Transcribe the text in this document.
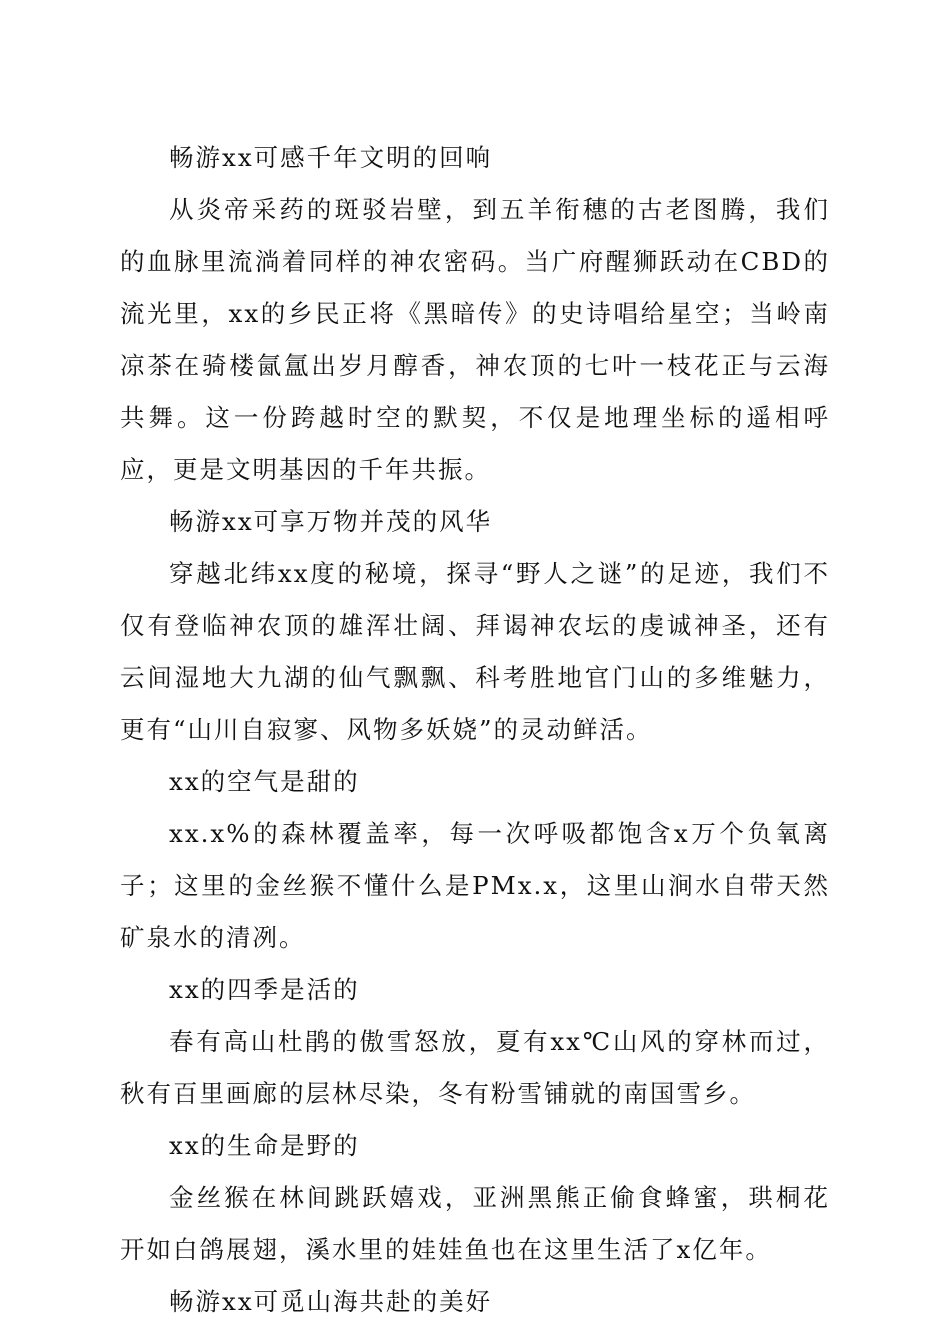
畅游xx可感千年文明的回响

从炎帝采药的斑驳岩壁，到五羊衔穗的古老图腾，我们的血脉里流淌着同样的神农密码。当广府醒狮跃动在CBD的流光里，xx的乡民正将《黑暗传》的史诗唱给星空；当岭南凉茶在骑楼氤氲出岁月醇香，神农顶的七叶一枝花正与云海共舞。这一份跨越时空的默契，不仅是地理坐标的遥相呼应，更是文明基因的千年共振。

畅游xx可享万物并茂的风华

穿越北纬xx度的秘境，探寻“野人之谜”的足迹，我们不仅有登临神农顶的雄浑壮阔、拜谒神农坛的虔诚神圣，还有云间湿地大九湖的仙气飘飘、科考胜地官门山的多维魅力，更有“山川自寂寥、风物多妖娆”的灵动鲜活。

xx的空气是甜的

xx.x%的森林覆盖率，每一次呼吸都饱含x万个负氧离子；这里的金丝猴不懂什么是PMx.x，这里山涧水自带天然矿泉水的清冽。

xx的四季是活的

春有高山杜鹃的傲雪怒放，夏有xx℃山风的穿林而过，秋有百里画廊的层林尽染，冬有粉雪铺就的南国雪乡。

xx的生命是野的

金丝猴在林间跳跃嬉戏，亚洲黑熊正偷食蜂蜜，珙桐花开如白鸽展翅，溪水里的娃娃鱼也在这里生活了x亿年。

畅游xx可觅山海共赴的美好
